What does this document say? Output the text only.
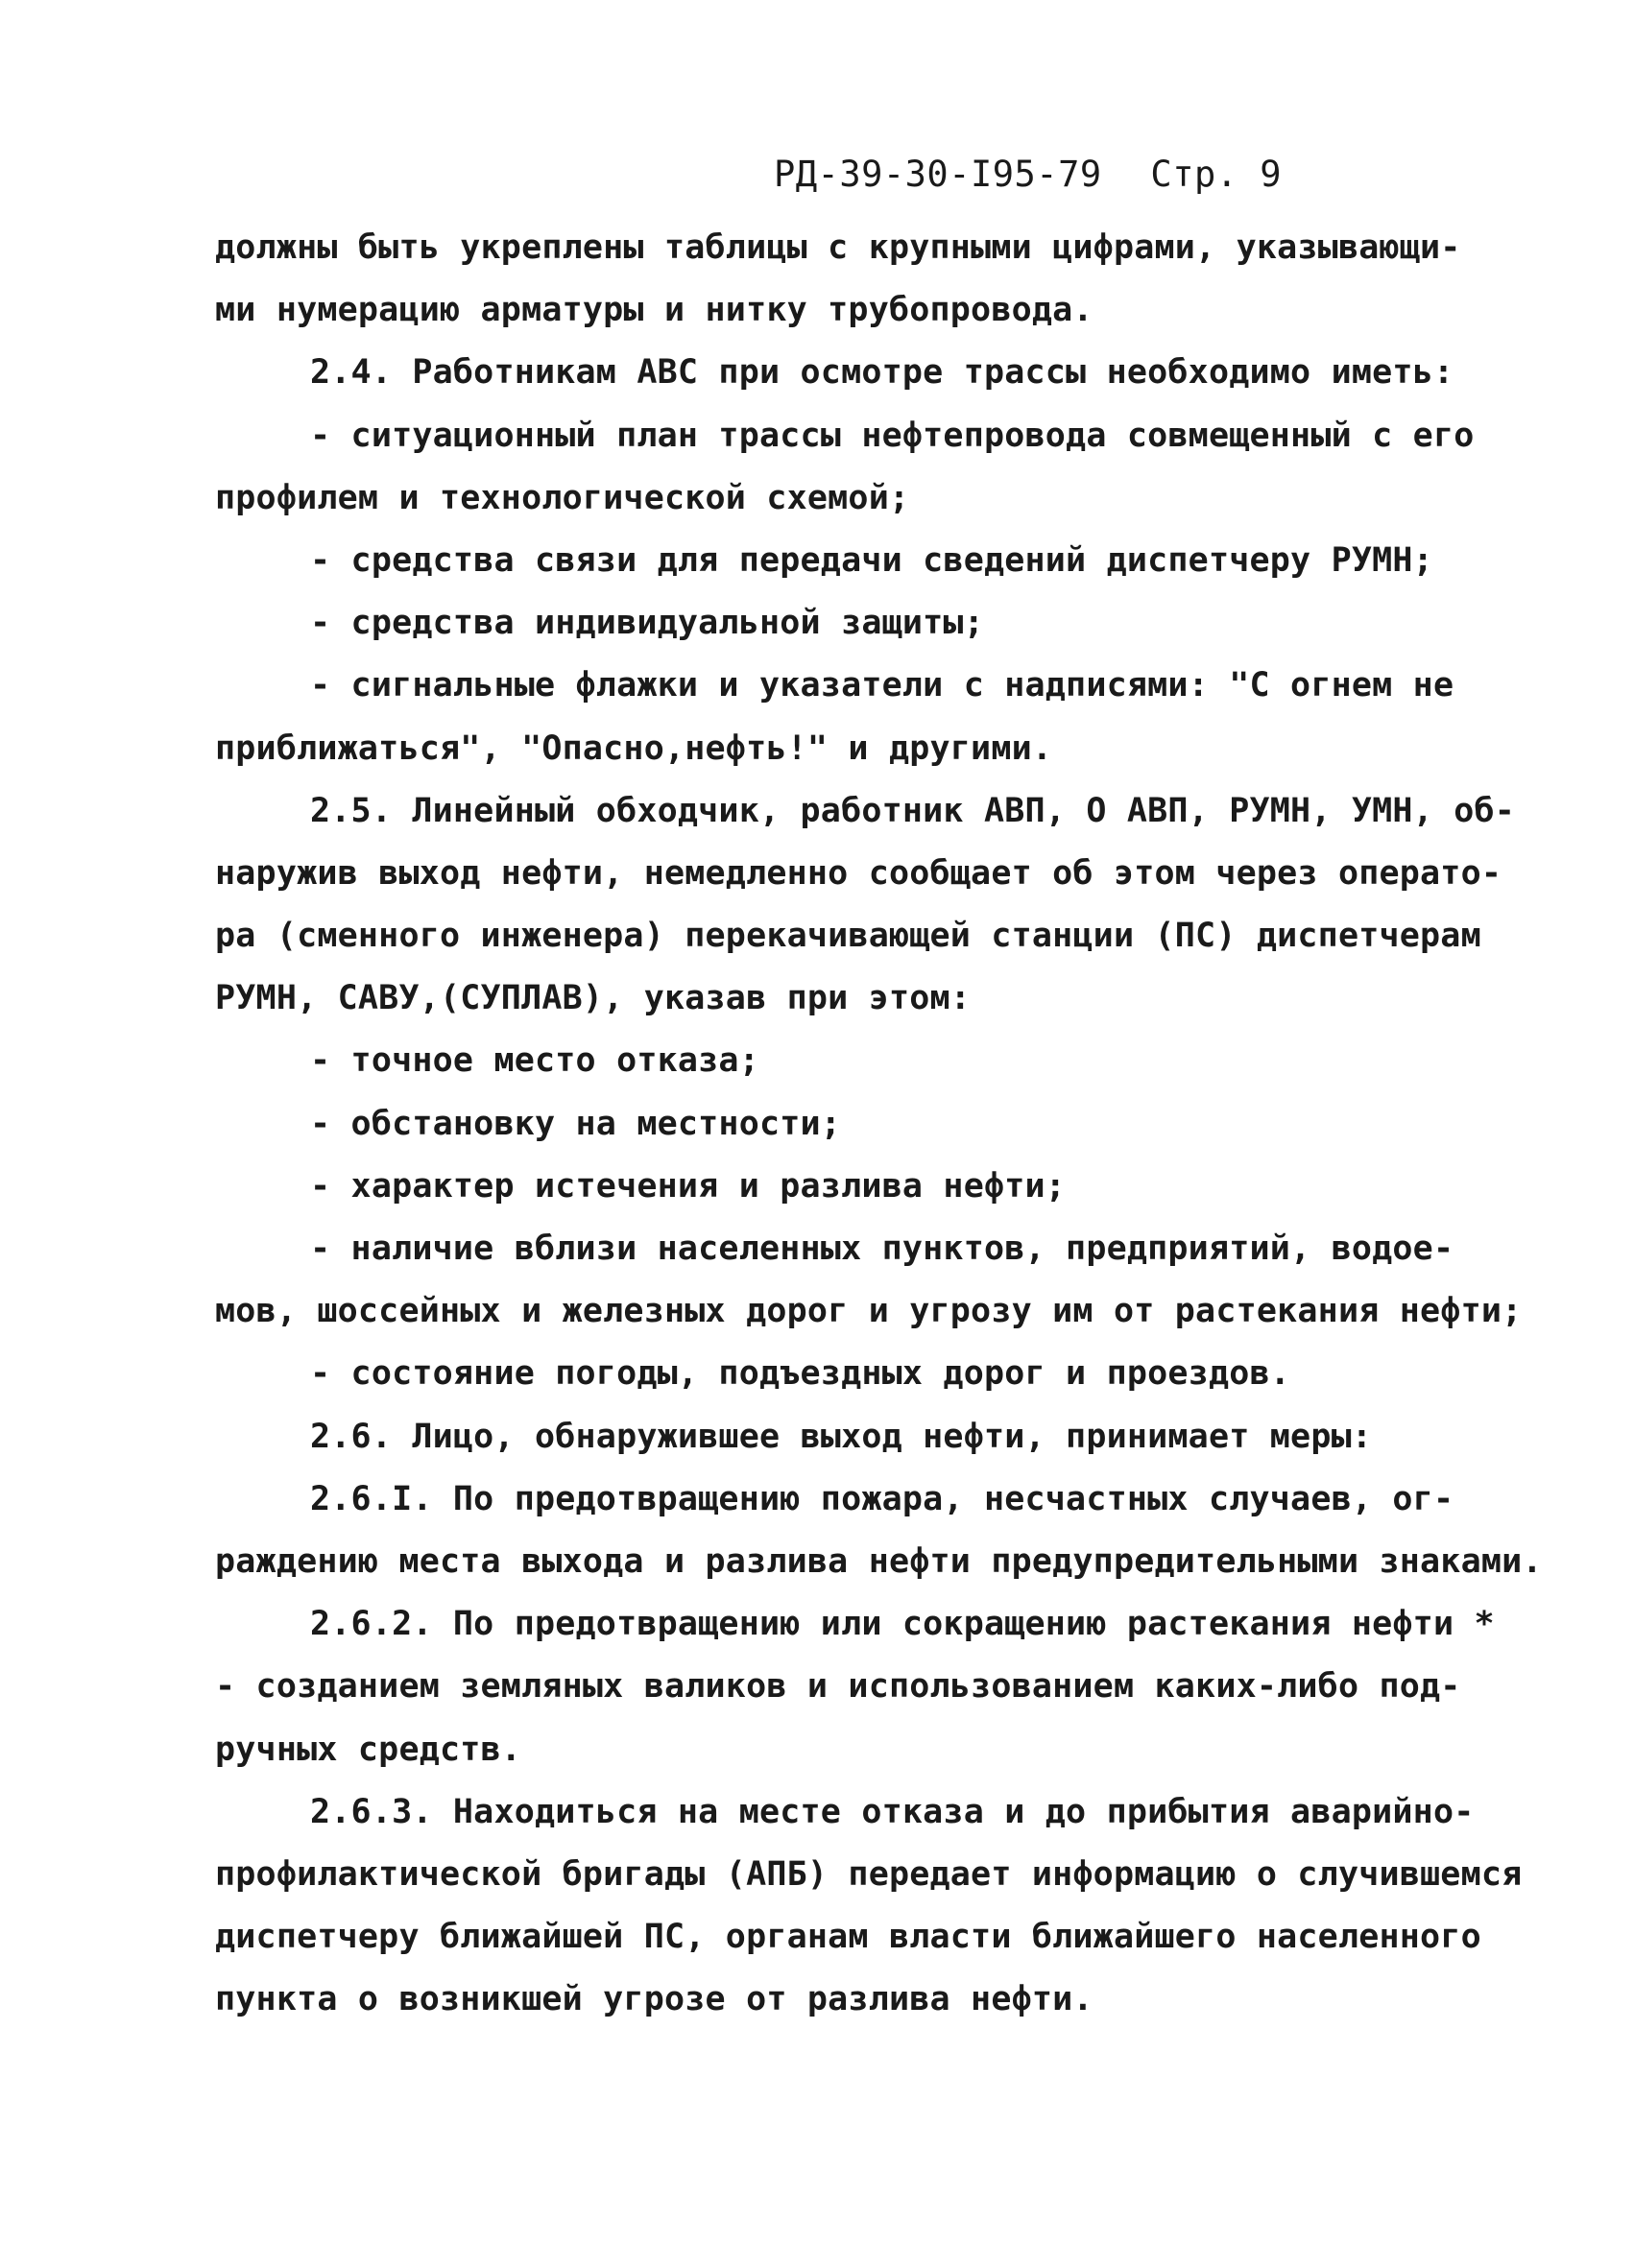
РД-39-30-I95-79 Стр. 9
должны быть укреплены таблицы с крупными цифрами, указывающи-
ми нумерацию арматуры и нитку трубопровода.
2.4. Работникам АВС при осмотре трассы необходимо иметь:
- ситуационный план трассы нефтепровода совмещенный с его
профилем и технологической схемой;
- средства связи для передачи сведений диспетчеру РУМН;
- средства индивидуальной защиты;
- сигнальные флажки и указатели с надписями: "С огнем не
приближаться", "Опасно,нефть!" и другими.
2.5. Линейный обходчик, работник АВП, О АВП, РУМН, УМН, об-
наружив выход нефти, немедленно сообщает об этом через операто-
ра (сменного инженера) перекачивающей станции (ПС) диспетчерам
РУМН, САВУ,(СУПЛАВ), указав при этом:
- точное место отказа;
- обстановку на местности;
- характер истечения и разлива нефти;
- наличие вблизи населенных пунктов, предприятий, водое-
мов, шоссейных и железных дорог и угрозу им от растекания нефти;
- состояние погоды, подъездных дорог и проездов.
2.6. Лицо, обнаружившее выход нефти, принимает меры:
2.6.I. По предотвращению пожара, несчастных случаев, ог-
раждению места выхода и разлива нефти предупредительными знаками.
2.6.2. По предотвращению или сокращению растекания нефти *
- созданием земляных валиков и использованием каких-либо под-
ручных средств.
2.6.3. Находиться на месте отказа и до прибытия аварийно-
профилактической бригады (АПБ) передает информацию о случившемся
диспетчеру ближайшей ПС, органам власти ближайшего населенного
пункта о возникшей угрозе от разлива нефти.
